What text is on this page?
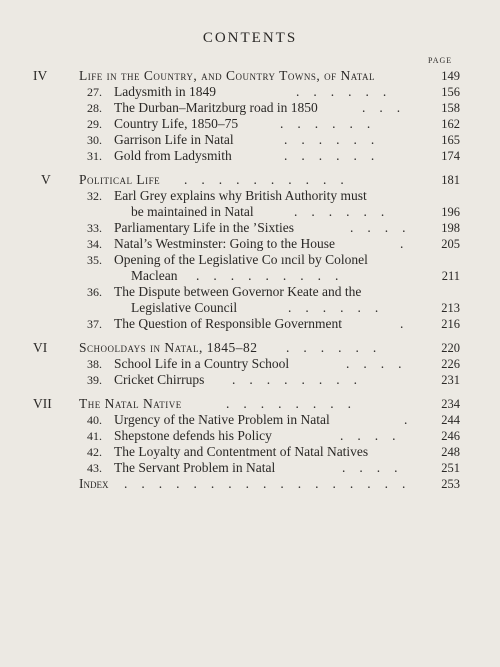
CONTENTS
PAGE
IV Life in the Country, and Country Towns, of Natal	149
27. Ladysmith in 1849	......	156
28. The Durban–Maritzburg road in 1850	... 158
29. Country Life, 1850–75	......	162
30. Garrison Life in Natal	......	165
31. Gold from Ladysmith	......	174
V Political Life ..........	181
32. Earl Grey explains why British Authority must
be maintained in Natal	......	196
33. Parliamentary Life in the ’Sixties	.... 198
34. Natal’s Westminster: Going to the House	. 205
35. Opening of the Legislative Co ıncil by Colonel
Maclean .........	211
36. The Dispute between Governor Keate and the
Legislative Council	......	213
37. The Question of Responsible Government	. 216
VI Schooldays in Natal, 1845–82 ......	220
38. School Life in a Country School	.... 226
39. Cricket Chirrups ........	231
VII The Natal Native	........	234
40. Urgency of the Native Problem in Natal	. 244
41. Shepstone defends his Policy	....	246
42. The Loyalty and Contentment of Natal Natives	248
43. The Servant Problem in Natal	.... 251
Index ................. 253
